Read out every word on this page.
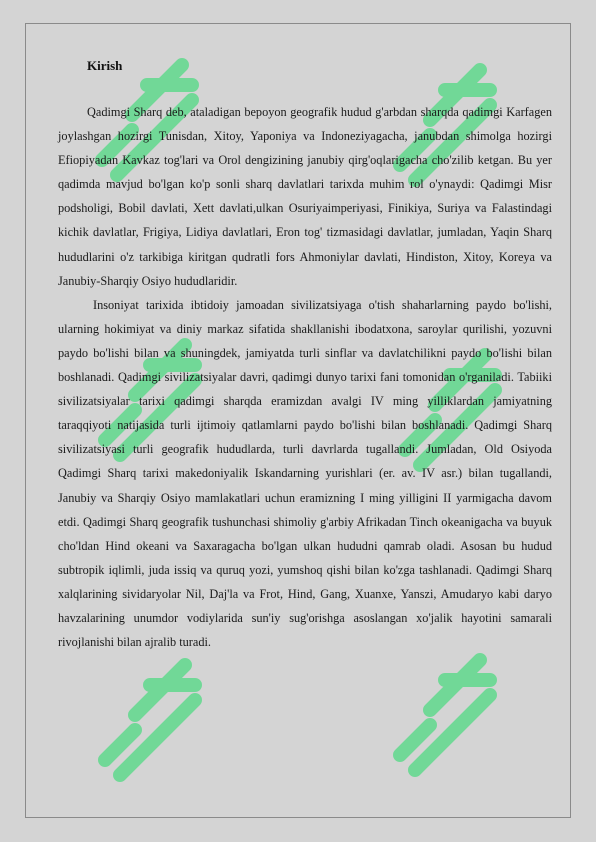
Kirish

Qadimgi Sharq deb, ataladigan bepoyon geografik hudud g'arbdan sharqda qadimgi Karfagen joylashgan hozirgi Tunisdan, Xitoy, Yaponiya va Indoneziyagacha, janubdan shimolga hozirgi Efiopiyadan Kavkaz tog'lari va Orol dengizining janubiy qirg'oqlarigacha cho'zilib ketgan. Bu yer qadimda mavjud bo'lgan ko'p sonli sharq davlatlari tarixda muhim rol o'ynaydi: Qadimgi Misr podsholigi, Bobil davlati, Xett davlati,ulkan Osuriyaimperiyasi, Finikiya, Suriya va Falastindagi kichik davlatlar, Frigiya, Lidiya davlatlari, Eron tog' tizmasidagi davlatlar, jumladan, Yaqin Sharq hududlarini o'z tarkibiga kiritgan qudratli fors Ahmoniylar davlati, Hindiston, Xitoy, Koreya va Janubiy-Sharqiy Osiyo hududlaridir.

Insoniyat tarixida ibtidoiy jamoadan sivilizatsiyaga o'tish shaharlarning paydo bo'lishi, ularning hokimiyat va diniy markaz sifatida shakllanishi ibodatxona, saroylar qurilishi, yozuvni paydo bo'lishi bilan va shuningdek, jamiyatda turli sinflar va davlatchilikni paydo bo'lishi bilan boshlanadi. Qadimgi sivilizatsiyalar davri, qadimgi dunyo tarixi fani tomonidan o'rganiladi. Tabiiki sivilizatsiyalar tarixi qadimgi sharqda eramizdan avalgi IV ming yilliklardan jamiyatning taraqqiyoti natijasida turli ijtimoiy qatlamlarni paydo bo'lishi bilan boshlanadi. Qadimgi Sharq sivilizatsiyasi turli geografik hududlarda, turli davrlarda tugallandi. Jumladan, Old Osiyoda Qadimgi Sharq tarixi makedoniyalik Iskandarning yurishlari (er. av. IV asr.) bilan tugallandi, Janubiy va Sharqiy Osiyo mamlakatlari uchun eramizning I ming yilligini II yarmigacha davom etdi. Qadimgi Sharq geografik tushunchasi shimoliy g'arbiy Afrikadan Tinch okeanigacha va buyuk cho'ldan Hind okeani va Saxaragacha bo'lgan ulkan hududni qamrab oladi. Asosan bu hudud subtropik iqlimli, juda issiq va quruq yozi, yumshoq qishi bilan ko'zga tashlanadi. Qadimgi Sharq xalqlarining sividaryolar Nil, Daj'la va Frot, Hind, Gang, Xuanxe, Yanszi, Amudaryo kabi daryo havzalarining unumdor vodiylarida sun'iy sug'orishga asoslangan xo'jalik hayotini samarali rivojlanishi bilan ajralib turadi.
